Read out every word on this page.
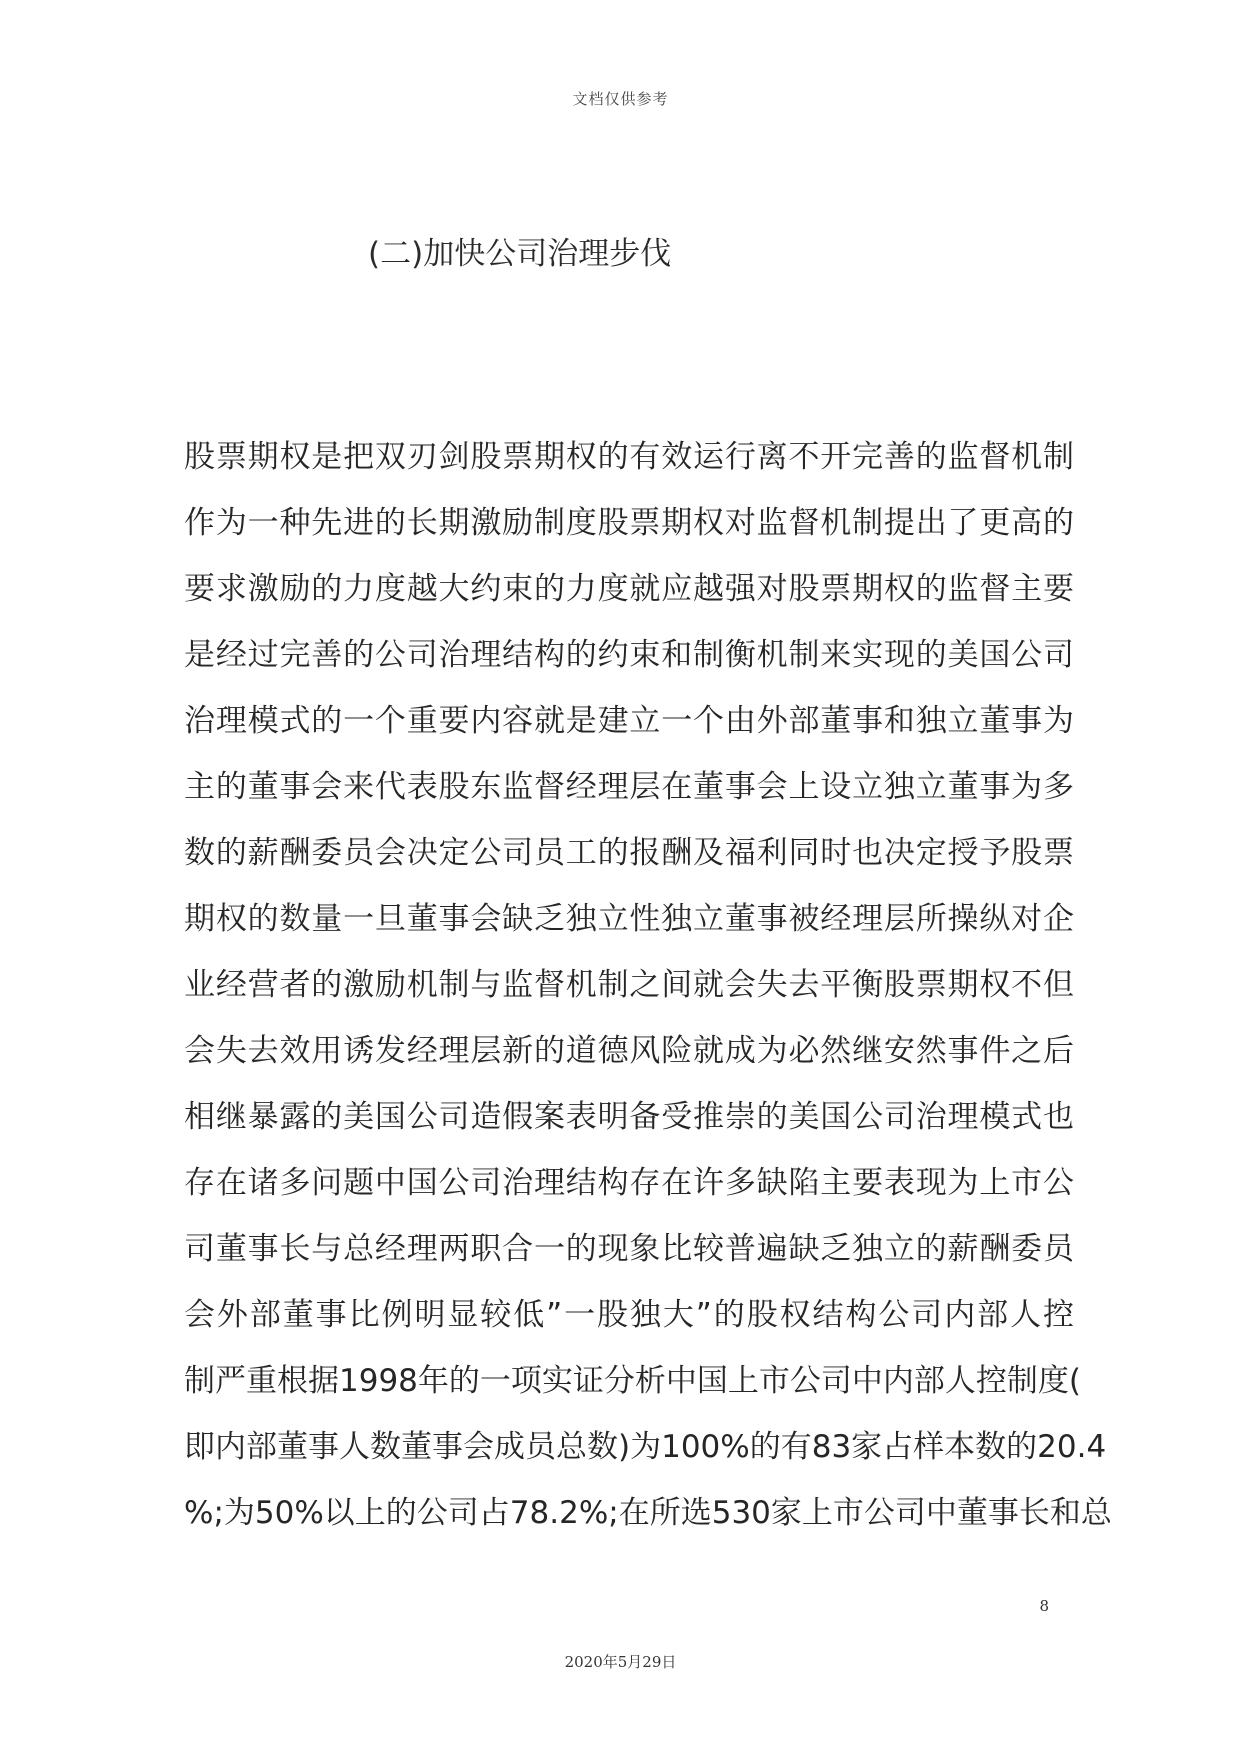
文档仅供参考
(二)加快公司治理步伐
股票期权是把双刃剑股票期权的有效运行离不开完善的监督机制
作为一种先进的长期激励制度股票期权对监督机制提出了更高的
要求激励的力度越大约束的力度就应越强对股票期权的监督主要
是经过完善的公司治理结构的约束和制衡机制来实现的美国公司
治理模式的一个重要内容就是建立一个由外部董事和独立董事为
主的董事会来代表股东监督经理层在董事会上设立独立董事为多
数的薪酬委员会决定公司员工的报酬及福利同时也决定授予股票
期权的数量一旦董事会缺乏独立性独立董事被经理层所操纵对企
业经营者的激励机制与监督机制之间就会失去平衡股票期权不但
会失去效用诱发经理层新的道德风险就成为必然继安然事件之后
相继暴露的美国公司造假案表明备受推崇的美国公司治理模式也
存在诸多问题中国公司治理结构存在许多缺陷主要表现为上市公
司董事长与总经理两职合一的现象比较普遍缺乏独立的薪酬委员
会外部董事比例明显较低”一股独大”的股权结构公司内部人控
制严重根据1998年的一项实证分析中国上市公司中内部人控制度(
即内部董事人数董事会成员总数)为100%的有83家占样本数的20.4
%;为50%以上的公司占78.2%;在所选530家上市公司中董事长和总
8
2020年5月29日
